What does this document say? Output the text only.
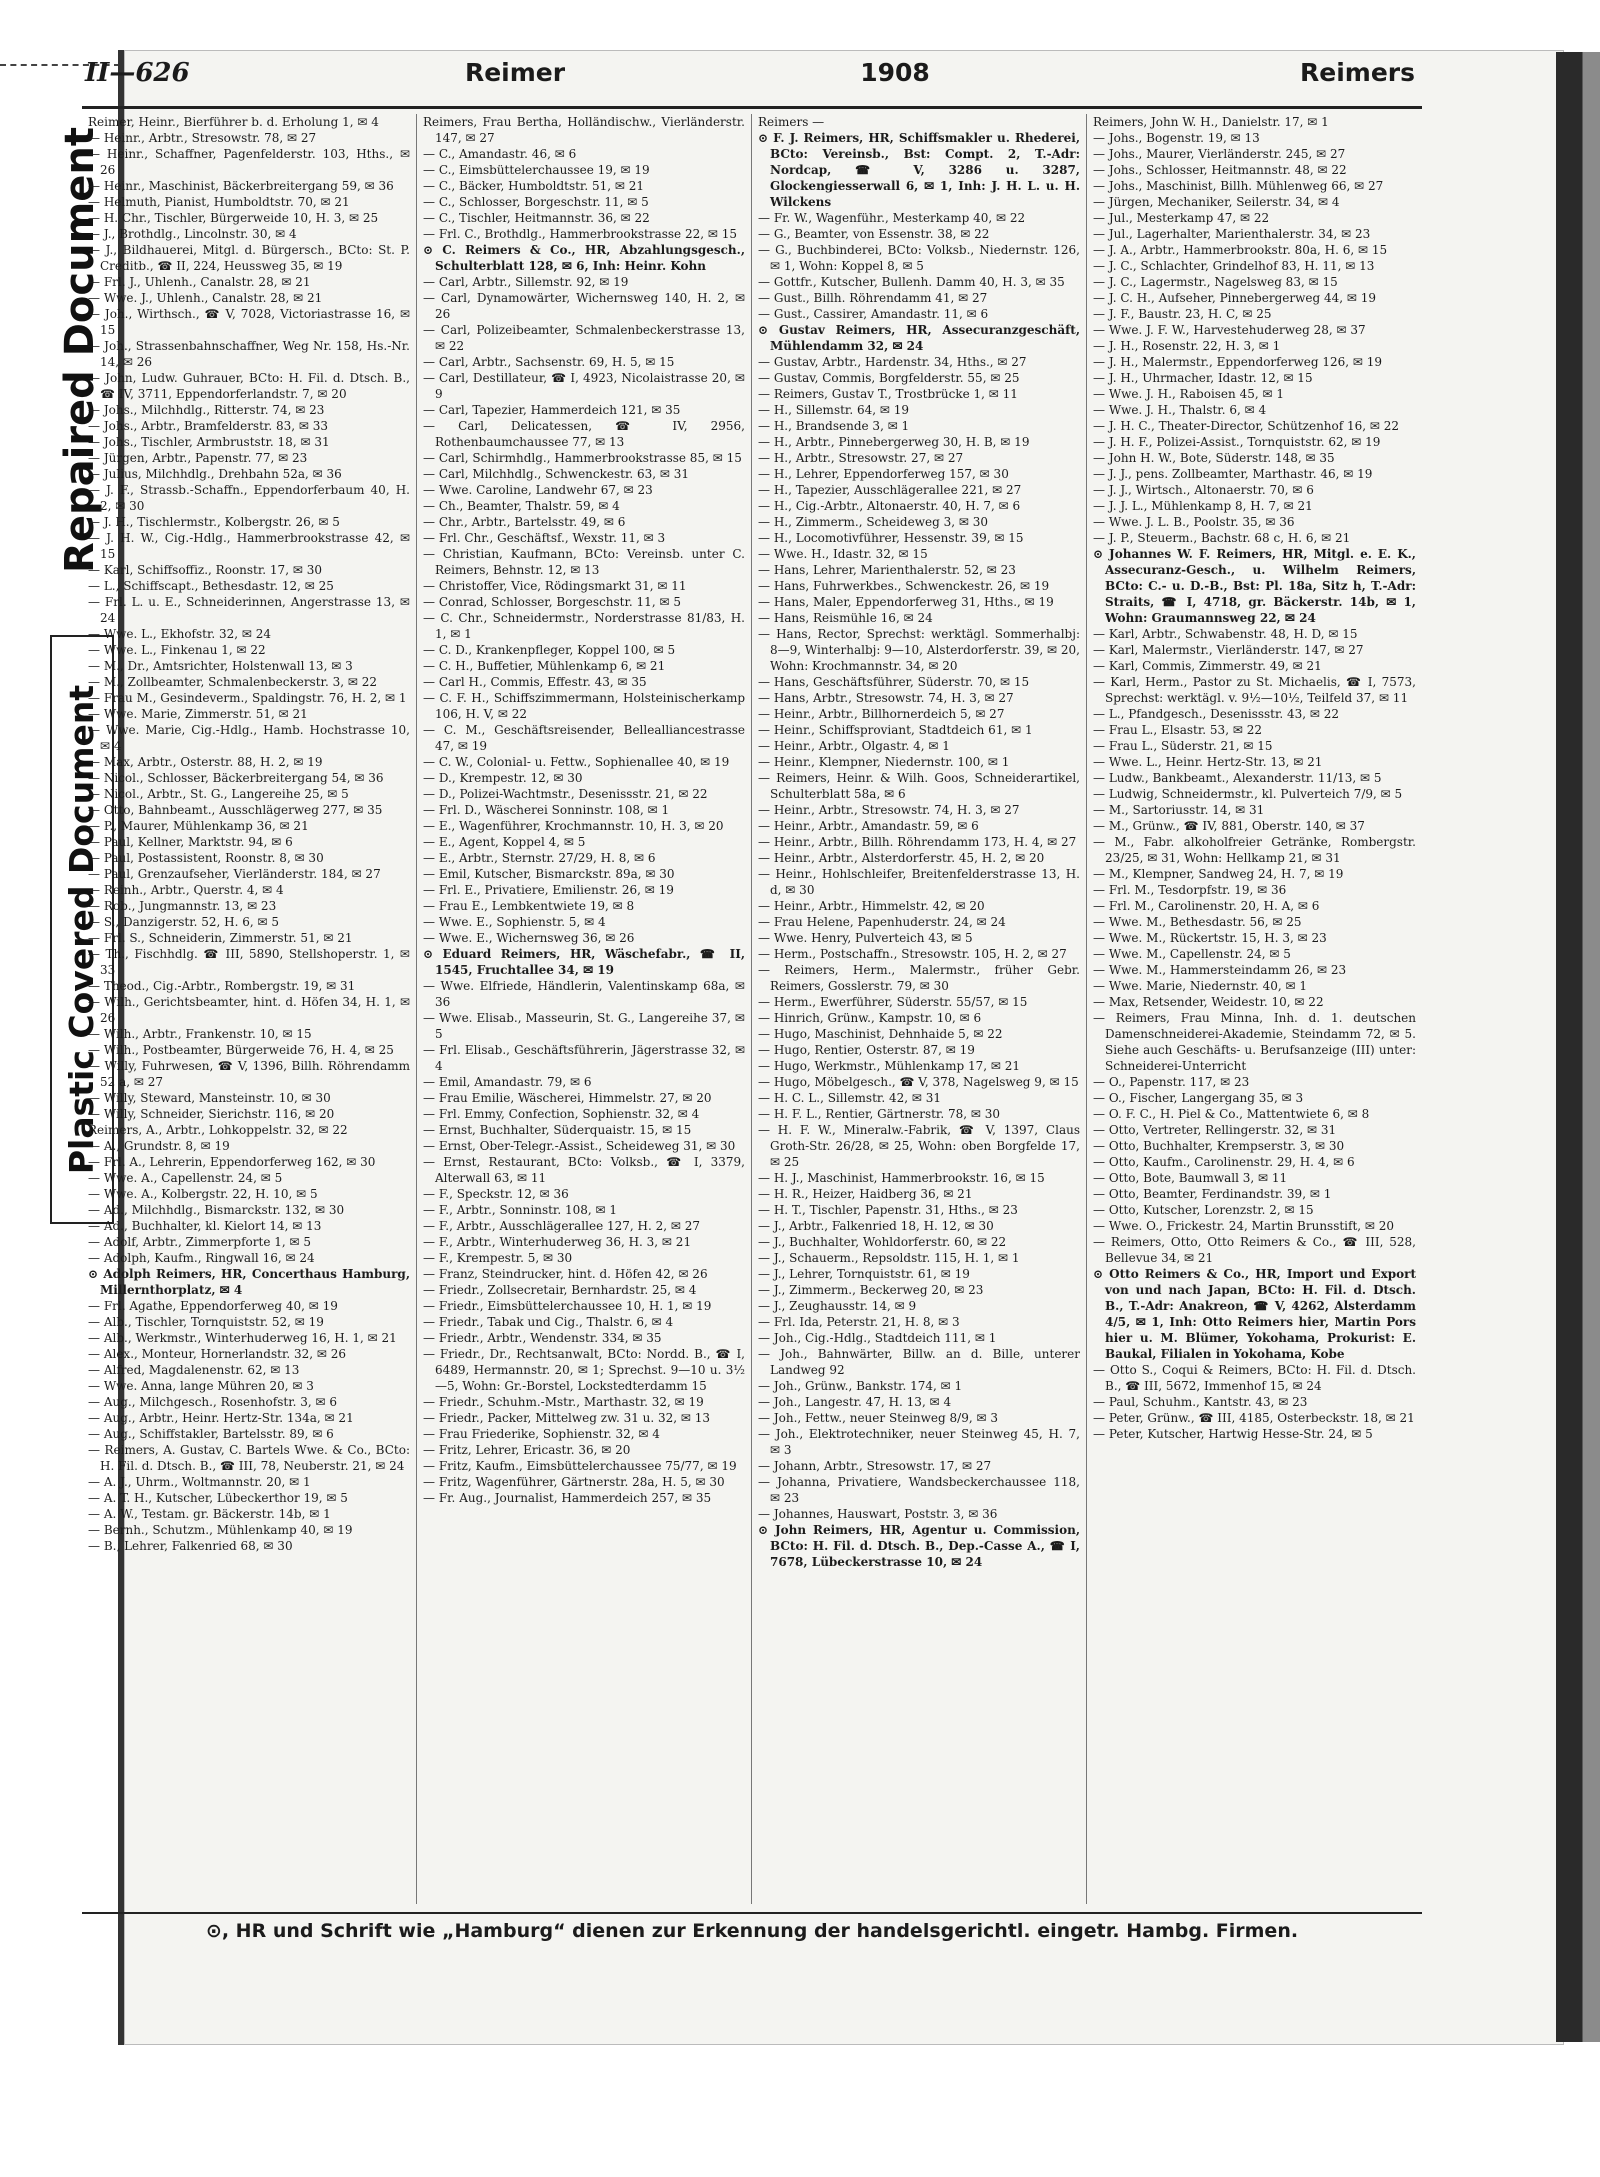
Repaired Document
Plastic Covered Document
II—626	Reimer	1908	Reimers

Reimer, Heinr., Bierführer b. d. Erholung 1, ✉ 4

— Heinr., Arbtr., Stresowstr. 78, ✉ 27

— Heinr., Schaffner, Pagenfelderstr. 103, Hths., ✉ 26

— Heinr., Maschinist, Bäckerbreitergang 59, ✉ 36

— Helmuth, Pianist, Humboldtstr. 70, ✉ 21

— H. Chr., Tischler, Bürgerweide 10, H. 3, ✉ 25

— J., Brothdlg., Lincolnstr. 30, ✉ 4

— J., Bildhauerei, Mitgl. d. Bürgersch., BCto: St. P. Creditb., ☎ II, 224, Heussweg 35, ✉ 19

— Frl. J., Uhlenh., Canalstr. 28, ✉ 21

— Wwe. J., Uhlenh., Canalstr. 28, ✉ 21

— Joh., Wirthsch., ☎ V, 7028, Victoriastrasse 16, ✉ 15

— Joh., Strassenbahnschaffner, Weg Nr. 158, Hs.-Nr. 14, ✉ 26

— John, Ludw. Guhrauer, BCto: H. Fil. d. Dtsch. B., ☎ IV, 3711, Eppendorferlandstr. 7, ✉ 20

— Johs., Milchhdlg., Ritterstr. 74, ✉ 23

— Johs., Arbtr., Bramfelderstr. 83, ✉ 33

— Johs., Tischler, Armbruststr. 18, ✉ 31

— Jürgen, Arbtr., Papenstr. 77, ✉ 23

— Julius, Milchhdlg., Drehbahn 52a, ✉ 36

— J. F., Strassb.-Schaffn., Eppendorferbaum 40, H. 2, ✉ 30

— J. H., Tischlermstr., Kolbergstr. 26, ✉ 5

— J. H. W., Cig.-Hdlg., Hammerbrookstrasse 42, ✉ 15

— Karl, Schiffsoffiz., Roonstr. 17, ✉ 30

— L., Schiffscapt., Bethesdastr. 12, ✉ 25

— Frl. L. u. E., Schneiderinnen, Angerstrasse 13, ✉ 24

— Wwe. L., Ekhofstr. 32, ✉ 24

— Wwe. L., Finkenau 1, ✉ 22

— M., Dr., Amtsrichter, Holstenwall 13, ✉ 3

— M., Zollbeamter, Schmalenbeckerstr. 3, ✉ 22

— Frau M., Gesindeverm., Spaldingstr. 76, H. 2, ✉ 1

— Wwe. Marie, Zimmerstr. 51, ✉ 21

— Wwe. Marie, Cig.-Hdlg., Hamb. Hochstrasse 10, ✉ 4

— Max, Arbtr., Osterstr. 88, H. 2, ✉ 19

— Nicol., Schlosser, Bäckerbreitergang 54, ✉ 36

— Nicol., Arbtr., St. G., Langereihe 25, ✉ 5

— Otto, Bahnbeamt., Ausschlägerweg 277, ✉ 35

— P., Maurer, Mühlenkamp 36, ✉ 21

— Paul, Kellner, Marktstr. 94, ✉ 6

— Paul, Postassistent, Roonstr. 8, ✉ 30

— Paul, Grenzaufseher, Vierländerstr. 184, ✉ 27

— Reinh., Arbtr., Querstr. 4, ✉ 4

— Rob., Jungmannstr. 13, ✉ 23

— S., Danzigerstr. 52, H. 6, ✉ 5

— Frl. S., Schneiderin, Zimmerstr. 51, ✉ 21

— Th., Fischhdlg. ☎ III, 5890, Stellshoperstr. 1, ✉ 33

— Theod., Cig.-Arbtr., Rombergstr. 19, ✉ 31

— Wilh., Gerichtsbeamter, hint. d. Höfen 34, H. 1, ✉ 26

— Wilh., Arbtr., Frankenstr. 10, ✉ 15

— Wilh., Postbeamter, Bürgerweide 76, H. 4, ✉ 25

— Willy, Fuhrwesen, ☎ V, 1396, Billh. Röhrendamm 52 a, ✉ 27

— Willy, Steward, Mansteinstr. 10, ✉ 30

— Willy, Schneider, Sierichstr. 116, ✉ 20

Reimers, A., Arbtr., Lohkoppelstr. 32, ✉ 22

— A., Grundstr. 8, ✉ 19

— Frl. A., Lehrerin, Eppendorferweg 162, ✉ 30

— Wwe. A., Capellenstr. 24, ✉ 5

— Wwe. A., Kolbergstr. 22, H. 10, ✉ 5

— Ad., Milchhdlg., Bismarckstr. 132, ✉ 30

— Ad., Buchhalter, kl. Kielort 14, ✉ 13

— Adolf, Arbtr., Zimmerpforte 1, ✉ 5

— Adolph, Kaufm., Ringwall 16, ✉ 24

⊙ Adolph Reimers, HR, Concerthaus Hamburg, Millernthorplatz, ✉ 4

— Frl. Agathe, Eppendorferweg 40, ✉ 19

— Alb., Tischler, Tornquiststr. 52, ✉ 19

— Alb., Werkmstr., Winterhuderweg 16, H. 1, ✉ 21

— Alex., Monteur, Hornerlandstr. 32, ✉ 26

— Alfred, Magdalenenstr. 62, ✉ 13

— Wwe. Anna, lange Mühren 20, ✉ 3

— Aug., Milchgesch., Rosenhofstr. 3, ✉ 6

— Aug., Arbtr., Heinr. Hertz-Str. 134a, ✉ 21

— Aug., Schiffstakler, Bartelsstr. 89, ✉ 6

— Reimers, A. Gustav, C. Bartels Wwe. & Co., BCto: H. Fil. d. Dtsch. B., ☎ III, 78, Neuberstr. 21, ✉ 24

— A. J., Uhrm., Woltmannstr. 20, ✉ 1

— A. T. H., Kutscher, Lübeckerthor 19, ✉ 5

— A. W., Testam. gr. Bäckerstr. 14b, ✉ 1

— Bernh., Schutzm., Mühlenkamp 40, ✉ 19

— B., Lehrer, Falkenried 68, ✉ 30

Reimers, Frau Bertha, Holländischw., Vierländerstr. 147, ✉ 27

— C., Amandastr. 46, ✉ 6

— C., Eimsbüttelerchaussee 19, ✉ 19

— C., Bäcker, Humboldtstr. 51, ✉ 21

— C., Schlosser, Borgeschstr. 11, ✉ 5

— C., Tischler, Heitmannstr. 36, ✉ 22

— Frl. C., Brothdlg., Hammerbrookstrasse 22, ✉ 15

⊙ C. Reimers & Co., HR, Abzahlungsgesch., Schulterblatt 128, ✉ 6, Inh: Heinr. Kohn

— Carl, Arbtr., Sillemstr. 92, ✉ 19

— Carl, Dynamowärter, Wichernsweg 140, H. 2, ✉ 26

— Carl, Polizeibeamter, Schmalenbeckerstrasse 13, ✉ 22

— Carl, Arbtr., Sachsenstr. 69, H. 5, ✉ 15

— Carl, Destillateur, ☎ I, 4923, Nicolaistrasse 20, ✉ 9

— Carl, Tapezier, Hammerdeich 121, ✉ 35

— Carl, Delicatessen, ☎ IV, 2956, Rothenbaumchaussee 77, ✉ 13

— Carl, Schirmhdlg., Hammerbrookstrasse 85, ✉ 15

— Carl, Milchhdlg., Schwenckestr. 63, ✉ 31

— Wwe. Caroline, Landwehr 67, ✉ 23

— Ch., Beamter, Thalstr. 59, ✉ 4

— Chr., Arbtr., Bartelsstr. 49, ✉ 6

— Frl. Chr., Geschäftsf., Wexstr. 11, ✉ 3

— Christian, Kaufmann, BCto: Vereinsb. unter C. Reimers, Behnstr. 12, ✉ 13

— Christoffer, Vice, Rödingsmarkt 31, ✉ 11

— Conrad, Schlosser, Borgeschstr. 11, ✉ 5

— C. Chr., Schneidermstr., Norderstrasse 81/83, H. 1, ✉ 1

— C. D., Krankenpfleger, Koppel 100, ✉ 5

— C. H., Buffetier, Mühlenkamp 6, ✉ 21

— Carl H., Commis, Effestr. 43, ✉ 35

— C. F. H., Schiffszimmermann, Holsteinischerkamp 106, H. V, ✉ 22

— C. M., Geschäftsreisender, Bellealliancestrasse 47, ✉ 19

— C. W., Colonial- u. Fettw., Sophienallee 40, ✉ 19

— D., Krempestr. 12, ✉ 30

— D., Polizei-Wachtmstr., Desenissstr. 21, ✉ 22

— Frl. D., Wäscherei Sonninstr. 108, ✉ 1

— E., Wagenführer, Krochmannstr. 10, H. 3, ✉ 20

— E., Agent, Koppel 4, ✉ 5

— E., Arbtr., Sternstr. 27/29, H. 8, ✉ 6

— Emil, Kutscher, Bismarckstr. 89a, ✉ 30

— Frl. E., Privatiere, Emilienstr. 26, ✉ 19

— Frau E., Lembkentwiete 19, ✉ 8

— Wwe. E., Sophienstr. 5, ✉ 4

— Wwe. E., Wichernsweg 36, ✉ 26

⊙ Eduard Reimers, HR, Wäschefabr., ☎ II, 1545, Fruchtallee 34, ✉ 19

— Wwe. Elfriede, Händlerin, Valentinskamp 68a, ✉ 36

— Wwe. Elisab., Masseurin, St. G., Langereihe 37, ✉ 5

— Frl. Elisab., Geschäftsführerin, Jägerstrasse 32, ✉ 4

— Emil, Amandastr. 79, ✉ 6

— Frau Emilie, Wäscherei, Himmelstr. 27, ✉ 20

— Frl. Emmy, Confection, Sophienstr. 32, ✉ 4

— Ernst, Buchhalter, Süderquaistr. 15, ✉ 15

— Ernst, Ober-Telegr.-Assist., Scheideweg 31, ✉ 30

— Ernst, Restaurant, BCto: Volksb., ☎ I, 3379, Alterwall 63, ✉ 11

— F., Speckstr. 12, ✉ 36

— F., Arbtr., Sonninstr. 108, ✉ 1

— F., Arbtr., Ausschlägerallee 127, H. 2, ✉ 27

— F., Arbtr., Winterhuderweg 36, H. 3, ✉ 21

— F., Krempestr. 5, ✉ 30

— Franz, Steindrucker, hint. d. Höfen 42, ✉ 26

— Friedr., Zollsecretair, Bernhardstr. 25, ✉ 4

— Friedr., Eimsbüttelerchaussee 10, H. 1, ✉ 19

— Friedr., Tabak und Cig., Thalstr. 6, ✉ 4

— Friedr., Arbtr., Wendenstr. 334, ✉ 35

— Friedr., Dr., Rechtsanwalt, BCto: Nordd. B., ☎ I, 6489, Hermannstr. 20, ✉ 1; Sprechst. 9—10 u. 3½—5, Wohn: Gr.-Borstel, Lockstedterdamm 15

— Friedr., Schuhm.-Mstr., Marthastr. 32, ✉ 19

— Friedr., Packer, Mittelweg zw. 31 u. 32, ✉ 13

— Frau Friederike, Sophienstr. 32, ✉ 4

— Fritz, Lehrer, Ericastr. 36, ✉ 20

— Fritz, Kaufm., Eimsbüttelerchaussee 75/77, ✉ 19

— Fritz, Wagenführer, Gärtnerstr. 28a, H. 5, ✉ 30

— Fr. Aug., Journalist, Hammerdeich 257, ✉ 35

Reimers —

⊙ F. J. Reimers, HR, Schiffsmakler u. Rhederei, BCto: Vereinsb., Bst: Compt. 2, T.-Adr: Nordcap, ☎ V, 3286 u. 3287, Glockengiesserwall 6, ✉ 1, Inh: J. H. L. u. H. Wilckens

— Fr. W., Wagenführ., Mesterkamp 40, ✉ 22

— G., Beamter, von Essenstr. 38, ✉ 22

— G., Buchbinderei, BCto: Volksb., Niedernstr. 126, ✉ 1, Wohn: Koppel 8, ✉ 5

— Gottfr., Kutscher, Bullenh. Damm 40, H. 3, ✉ 35

— Gust., Billh. Röhrendamm 41, ✉ 27

— Gust., Cassirer, Amandastr. 11, ✉ 6

⊙ Gustav Reimers, HR, Assecuranzgeschäft, Mühlendamm 32, ✉ 24

— Gustav, Arbtr., Hardenstr. 34, Hths., ✉ 27

— Gustav, Commis, Borgfelderstr. 55, ✉ 25

— Reimers, Gustav T., Trostbrücke 1, ✉ 11

— H., Sillemstr. 64, ✉ 19

— H., Brandsende 3, ✉ 1

— H., Arbtr., Pinnebergerweg 30, H. B, ✉ 19

— H., Arbtr., Stresowstr. 27, ✉ 27

— H., Lehrer, Eppendorferweg 157, ✉ 30

— H., Tapezier, Ausschlägerallee 221, ✉ 27

— H., Cig.-Arbtr., Altonaerstr. 40, H. 7, ✉ 6

— H., Zimmerm., Scheideweg 3, ✉ 30

— H., Locomotivführer, Hessenstr. 39, ✉ 15

— Wwe. H., Idastr. 32, ✉ 15

— Hans, Lehrer, Marienthalerstr. 52, ✉ 23

— Hans, Fuhrwerkbes., Schwenckestr. 26, ✉ 19

— Hans, Maler, Eppendorferweg 31, Hths., ✉ 19

— Hans, Reismühle 16, ✉ 24

— Hans, Rector, Sprechst: werktägl. Sommerhalbj: 8—9, Winterhalbj: 9—10, Alsterdorferstr. 39, ✉ 20, Wohn: Krochmannstr. 34, ✉ 20

— Hans, Geschäftsführer, Süderstr. 70, ✉ 15

— Hans, Arbtr., Stresowstr. 74, H. 3, ✉ 27

— Heinr., Arbtr., Billhornerdeich 5, ✉ 27

— Heinr., Schiffsproviant, Stadtdeich 61, ✉ 1

— Heinr., Arbtr., Olgastr. 4, ✉ 1

— Heinr., Klempner, Niedernstr. 100, ✉ 1

— Reimers, Heinr. & Wilh. Goos, Schneiderartikel, Schulterblatt 58a, ✉ 6

— Heinr., Arbtr., Stresowstr. 74, H. 3, ✉ 27

— Heinr., Arbtr., Amandastr. 59, ✉ 6

— Heinr., Arbtr., Billh. Röhrendamm 173, H. 4, ✉ 27

— Heinr., Arbtr., Alsterdorferstr. 45, H. 2, ✉ 20

— Heinr., Hohlschleifer, Breitenfelderstrasse 13, H. d, ✉ 30

— Heinr., Arbtr., Himmelstr. 42, ✉ 20

— Frau Helene, Papenhuderstr. 24, ✉ 24

— Wwe. Henry, Pulverteich 43, ✉ 5

— Herm., Postschaffn., Stresowstr. 105, H. 2, ✉ 27

— Reimers, Herm., Malermstr., früher Gebr. Reimers, Gosslerstr. 79, ✉ 30

— Herm., Ewerführer, Süderstr. 55/57, ✉ 15

— Hinrich, Grünw., Kampstr. 10, ✉ 6

— Hugo, Maschinist, Dehnhaide 5, ✉ 22

— Hugo, Rentier, Osterstr. 87, ✉ 19

— Hugo, Werkmstr., Mühlenkamp 17, ✉ 21

— Hugo, Möbelgesch., ☎ V, 378, Nagelsweg 9, ✉ 15

— H. C. L., Sillemstr. 42, ✉ 31

— H. F. L., Rentier, Gärtnerstr. 78, ✉ 30

— H. F. W., Mineralw.-Fabrik, ☎ V, 1397, Claus Groth-Str. 26/28, ✉ 25, Wohn: oben Borgfelde 17, ✉ 25

— H. J., Maschinist, Hammerbrookstr. 16, ✉ 15

— H. R., Heizer, Haidberg 36, ✉ 21

— H. T., Tischler, Papenstr. 31, Hths., ✉ 23

— J., Arbtr., Falkenried 18, H. 12, ✉ 30

— J., Buchhalter, Wohldorferstr. 60, ✉ 22

— J., Schauerm., Repsoldstr. 115, H. 1, ✉ 1

— J., Lehrer, Tornquiststr. 61, ✉ 19

— J., Zimmerm., Beckerweg 20, ✉ 23

— J., Zeughausstr. 14, ✉ 9

— Frl. Ida, Peterstr. 21, H. 8, ✉ 3

— Joh., Cig.-Hdlg., Stadtdeich 111, ✉ 1

— Joh., Bahnwärter, Billw. an d. Bille, unterer Landweg 92

— Joh., Grünw., Bankstr. 174, ✉ 1

— Joh., Langestr. 47, H. 13, ✉ 4

— Joh., Fettw., neuer Steinweg 8/9, ✉ 3

— Joh., Elektrotechniker, neuer Steinweg 45, H. 7, ✉ 3

— Johann, Arbtr., Stresowstr. 17, ✉ 27

— Johanna, Privatiere, Wandsbeckerchaussee 118, ✉ 23

— Johannes, Hauswart, Poststr. 3, ✉ 36

⊙ John Reimers, HR, Agentur u. Commission, BCto: H. Fil. d. Dtsch. B., Dep.-Casse A., ☎ I, 7678, Lübeckerstrasse 10, ✉ 24

Reimers, John W. H., Danielstr. 17, ✉ 1

— Johs., Bogenstr. 19, ✉ 13

— Johs., Maurer, Vierländerstr. 245, ✉ 27

— Johs., Schlosser, Heitmannstr. 48, ✉ 22

— Johs., Maschinist, Billh. Mühlenweg 66, ✉ 27

— Jürgen, Mechaniker, Seilerstr. 34, ✉ 4

— Jul., Mesterkamp 47, ✉ 22

— Jul., Lagerhalter, Marienthalerstr. 34, ✉ 23

— J. A., Arbtr., Hammerbrookstr. 80a, H. 6, ✉ 15

— J. C., Schlachter, Grindelhof 83, H. 11, ✉ 13

— J. C., Lagermstr., Nagelsweg 83, ✉ 15

— J. C. H., Aufseher, Pinnebergerweg 44, ✉ 19

— J. F., Baustr. 23, H. C, ✉ 25

— Wwe. J. F. W., Harvestehuderweg 28, ✉ 37

— J. H., Rosenstr. 22, H. 3, ✉ 1

— J. H., Malermstr., Eppendorferweg 126, ✉ 19

— J. H., Uhrmacher, Idastr. 12, ✉ 15

— Wwe. J. H., Raboisen 45, ✉ 1

— Wwe. J. H., Thalstr. 6, ✉ 4

— J. H. C., Theater-Director, Schützenhof 16, ✉ 22

— J. H. F., Polizei-Assist., Tornquiststr. 62, ✉ 19

— John H. W., Bote, Süderstr. 148, ✉ 35

— J. J., pens. Zollbeamter, Marthastr. 46, ✉ 19

— J. J., Wirtsch., Altonaerstr. 70, ✉ 6

— J. J. L., Mühlenkamp 8, H. 7, ✉ 21

— Wwe. J. L. B., Poolstr. 35, ✉ 36

— J. P., Steuerm., Bachstr. 68 c, H. 6, ✉ 21

⊙ Johannes W. F. Reimers, HR, Mitgl. e. E. K., Assecuranz-Gesch., u. Wilhelm Reimers, BCto: C.- u. D.-B., Bst: Pl. 18a, Sitz h, T.-Adr: Straits, ☎ I, 4718, gr. Bäckerstr. 14b, ✉ 1, Wohn: Graumannsweg 22, ✉ 24

— Karl, Arbtr., Schwabenstr. 48, H. D, ✉ 15

— Karl, Malermstr., Vierländerstr. 147, ✉ 27

— Karl, Commis, Zimmerstr. 49, ✉ 21

— Karl, Herm., Pastor zu St. Michaelis, ☎ I, 7573, Sprechst: werktägl. v. 9½—10½, Teilfeld 37, ✉ 11

— L., Pfandgesch., Desenissstr. 43, ✉ 22

— Frau L., Elsastr. 53, ✉ 22

— Frau L., Süderstr. 21, ✉ 15

— Wwe. L., Heinr. Hertz-Str. 13, ✉ 21

— Ludw., Bankbeamt., Alexanderstr. 11/13, ✉ 5

— Ludwig, Schneidermstr., kl. Pulverteich 7/9, ✉ 5

— M., Sartoriusstr. 14, ✉ 31

— M., Grünw., ☎ IV, 881, Oberstr. 140, ✉ 37

— M., Fabr. alkoholfreier Getränke, Rombergstr. 23/25, ✉ 31, Wohn: Hellkamp 21, ✉ 31

— M., Klempner, Sandweg 24, H. 7, ✉ 19

— Frl. M., Tesdorpfstr. 19, ✉ 36

— Frl. M., Carolinenstr. 20, H. A, ✉ 6

— Wwe. M., Bethesdastr. 56, ✉ 25

— Wwe. M., Rückertstr. 15, H. 3, ✉ 23

— Wwe. M., Capellenstr. 24, ✉ 5

— Wwe. M., Hammersteindamm 26, ✉ 23

— Wwe. Marie, Niedernstr. 40, ✉ 1

— Max, Retsender, Weidestr. 10, ✉ 22

— Reimers, Frau Minna, Inh. d. 1. deutschen Damenschneiderei-Akademie, Steindamm 72, ✉ 5. Siehe auch Geschäfts- u. Berufsanzeige (III) unter: Schneiderei-Unterricht

— O., Papenstr. 117, ✉ 23

— O., Fischer, Langergang 35, ✉ 3

— O. F. C., H. Piel & Co., Mattentwiete 6, ✉ 8

— Otto, Vertreter, Rellingerstr. 32, ✉ 31

— Otto, Buchhalter, Krempserstr. 3, ✉ 30

— Otto, Kaufm., Carolinenstr. 29, H. 4, ✉ 6

— Otto, Bote, Baumwall 3, ✉ 11

— Otto, Beamter, Ferdinandstr. 39, ✉ 1

— Otto, Kutscher, Lorenzstr. 2, ✉ 15

— Wwe. O., Frickestr. 24, Martin Brunsstift, ✉ 20

— Reimers, Otto, Otto Reimers & Co., ☎ III, 528, Bellevue 34, ✉ 21

⊙ Otto Reimers & Co., HR, Import und Export von und nach Japan, BCto: H. Fil. d. Dtsch. B., T.-Adr: Anakreon, ☎ V, 4262, Alsterdamm 4/5, ✉ 1, Inh: Otto Reimers hier, Martin Pors hier u. M. Blümer, Yokohama, Prokurist: E. Baukal, Filialen in Yokohama, Kobe

— Otto S., Coqui & Reimers, BCto: H. Fil. d. Dtsch. B., ☎ III, 5672, Immenhof 15, ✉ 24

— Paul, Schuhm., Kantstr. 43, ✉ 23

— Peter, Grünw., ☎ III, 4185, Osterbeckstr. 18, ✉ 21

— Peter, Kutscher, Hartwig Hesse-Str. 24, ✉ 5

⊙, HR und Schrift wie „Hamburg“ dienen zur Erkennung der handelsgerichtl. eingetr. Hambg. Firmen.
